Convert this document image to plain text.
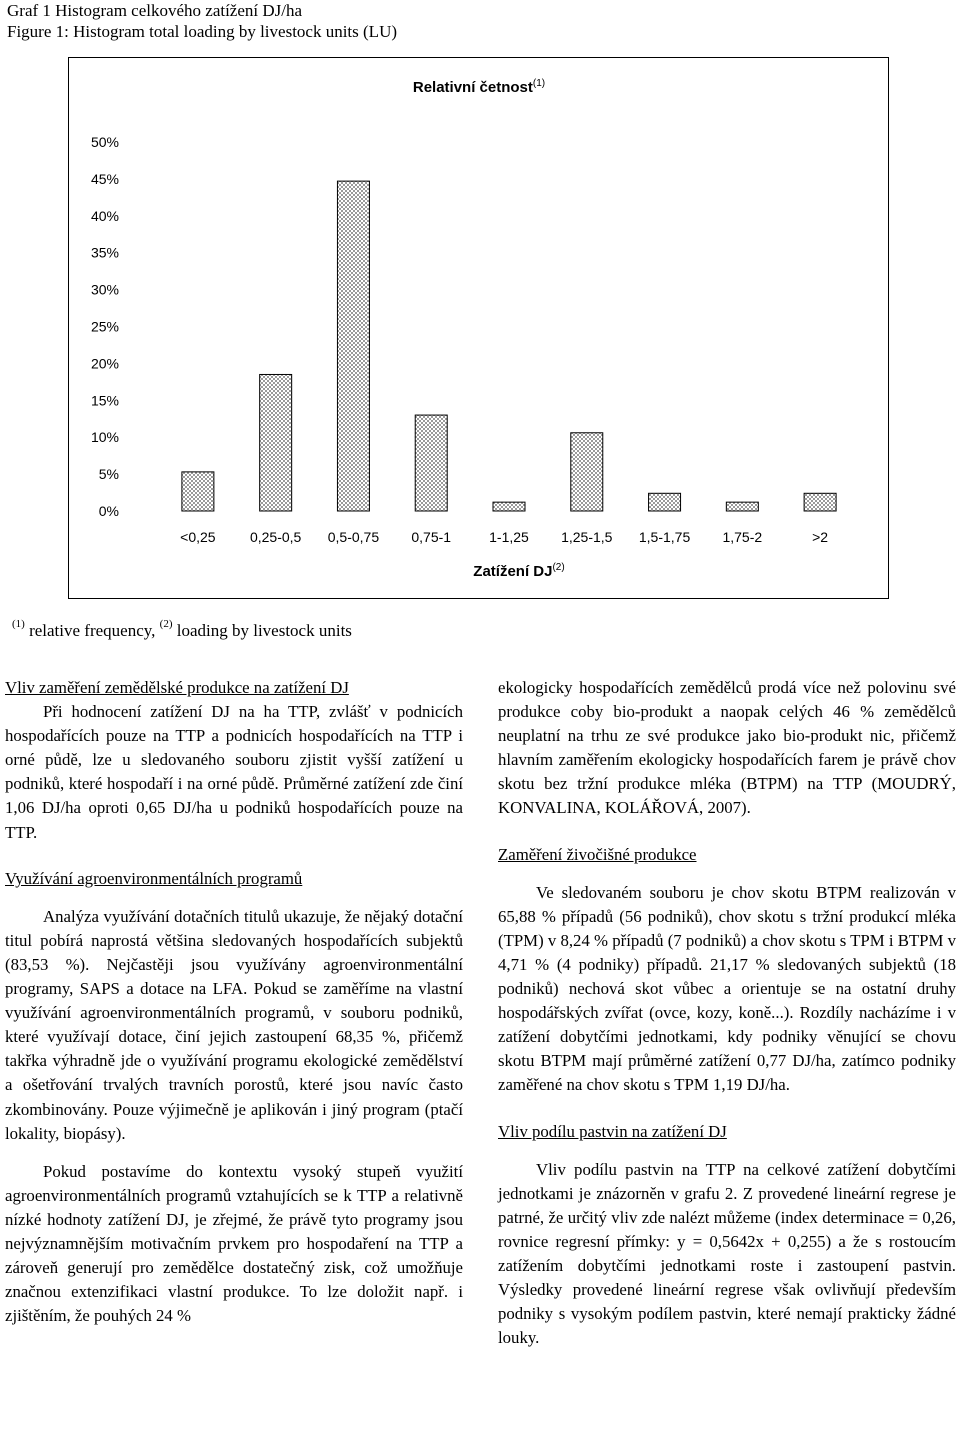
Graf 1 Histogram celkového zatížení DJ/ha
Figure 1: Histogram total loading by livestock units (LU)
Relativní četnost$^{(1)}$
0%
5%
10%
15%
20%
25%
30%
35%
40%
45%
50%
<0,25 0,25-0,5 0,5-0,75 0,75-1	1-1,25 1,25-1,5 1,5-1,75 1,75-2	>2
Zatížení DJ$^{(2)}$
$^{(1)}$ relative frequency, $^{(2)}$ loading by livestock units

Vliv zaměření zemědělské produkce na zatížení DJ

Při hodnocení zatížení DJ na ha TTP, zvlášť v podnicích hospodařících pouze na TTP a podnicích hospodařících na TTP i orné půdě, lze u sledovaného souboru zjistit vyšší zatížení u podniků, které hospodaří i na orné půdě. Průměrné zatížení zde činí 1,06 DJ/ha oproti 0,65 DJ/ha u podniků hospodařících pouze na TTP.

Využívání agroenvironmentálních programů

Analýza využívání dotačních titulů ukazuje, že nějaký dotační titul pobírá naprostá většina sledovaných hospodařících subjektů (83,53 %). Nejčastěji jsou využívány agroenvironmentální programy, SAPS a dotace na LFA. Pokud se zaměříme na vlastní využívání agroenvironmentálních programů, v souboru podniků, které využívají dotace, činí jejich zastoupení 68,35 %, přičemž takřka výhradně jde o využívání programu ekologické zemědělství a ošetřování trvalých travních porostů, které jsou navíc často zkombinovány. Pouze výjimečně je aplikován i jiný program (ptačí lokality, biopásy).

Pokud postavíme do kontextu vysoký stupeň využití agroenvironmentálních programů vztahujících se k TTP a relativně nízké hodnoty zatížení DJ, je zřejmé, že právě tyto programy jsou nejvýznamnějším motivačním prvkem pro hospodaření na TTP a zároveň generují pro zemědělce dostatečný zisk, což umožňuje značnou extenzifikaci vlastní produkce. To lze doložit např. i zjištěním, že pouhých 24 %

ekologicky hospodařících zemědělců prodá více než polovinu své produkce coby bio-produkt a naopak celých 46 % zemědělců neuplatní na trhu ze své produkce jako bio-produkt nic, přičemž hlavním zaměřením ekologicky hospodařících farem je právě chov skotu bez tržní produkce mléka (BTPM) na TTP (MOUDRÝ, KONVALINA, KOLÁŘOVÁ, 2007).

Zaměření živočišné produkce

Ve sledovaném souboru je chov skotu BTPM realizován v 65,88 % případů (56 podniků), chov skotu s tržní produkcí mléka (TPM) v 8,24 % případů (7 podniků) a chov skotu s TPM i BTPM v 4,71 % (4 podniky) případů. 21,17 % sledovaných subjektů (18 podniků) nechová skot vůbec a orientuje se na ostatní druhy hospodářských zvířat (ovce, kozy, koně...). Rozdíly nacházíme i v zatížení dobytčími jednotkami, kdy podniky věnující se chovu skotu BTPM mají průměrné zatížení 0,77 DJ/ha, zatímco podniky zaměřené na chov skotu s TPM 1,19 DJ/ha.

Vliv podílu pastvin na zatížení DJ

Vliv podílu pastvin na TTP na celkové zatížení dobytčími jednotkami je znázorněn v grafu 2. Z provedené lineární regrese je patrné, že určitý vliv zde nalézt můžeme (index determinace = 0,26, rovnice regresní přímky: y = 0,5642x + 0,255) a že s rostoucím zatížením dobytčími jednotkami roste i zastoupení pastvin. Výsledky provedené lineární regrese však ovlivňují především podniky s vysokým podílem pastvin, které nemají prakticky žádné louky.
